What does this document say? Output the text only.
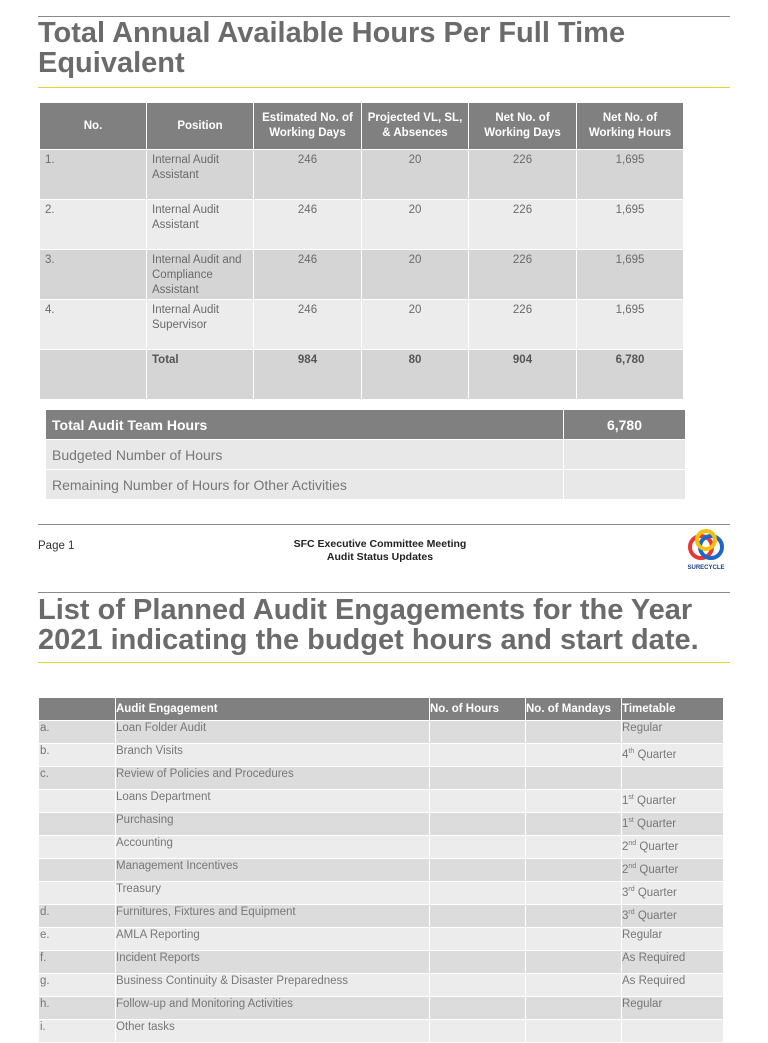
Total Annual Available Hours Per Full Time Equivalent
No.	Position	Estimated No. of Working Days	Projected VL, SL, & Absences	Net No. of Working Days	Net No. of Working Hours
1.	Internal Audit Assistant	246	20	226	1,695
2.	Internal Audit Assistant	246	20	226	1,695
3.	Internal Audit and Compliance Assistant	246	20	226	1,695
4.	Internal Audit Supervisor	246	20	226	1,695
	Total	984	80	904	6,780
Total Audit Team Hours	6,780
Budgeted Number of Hours	
Remaining Number of Hours for Other Activities	
Page 1	SFC Executive Committee Meeting
Audit Status Updates
SURECYCLE
List of Planned Audit Engagements for the Year 2021 indicating the budget hours and start date.
	Audit Engagement	No. of Hours	No. of Mandays	Timetable
a.	Loan Folder Audit			Regular
b.	Branch Visits			4th Quarter
c.	Review of Policies and Procedures			
	Loans Department			1st Quarter
	Purchasing			1st Quarter
	Accounting			2nd Quarter
	Management Incentives			2nd Quarter
	Treasury			3rd Quarter
d.	Furnitures, Fixtures and Equipment			3rd Quarter
e.	AMLA Reporting			Regular
f.	Incident Reports			As Required
g.	Business Continuity & Disaster Preparedness			As Required
h.	Follow-up and Monitoring Activities			Regular
i.	Other tasks			
